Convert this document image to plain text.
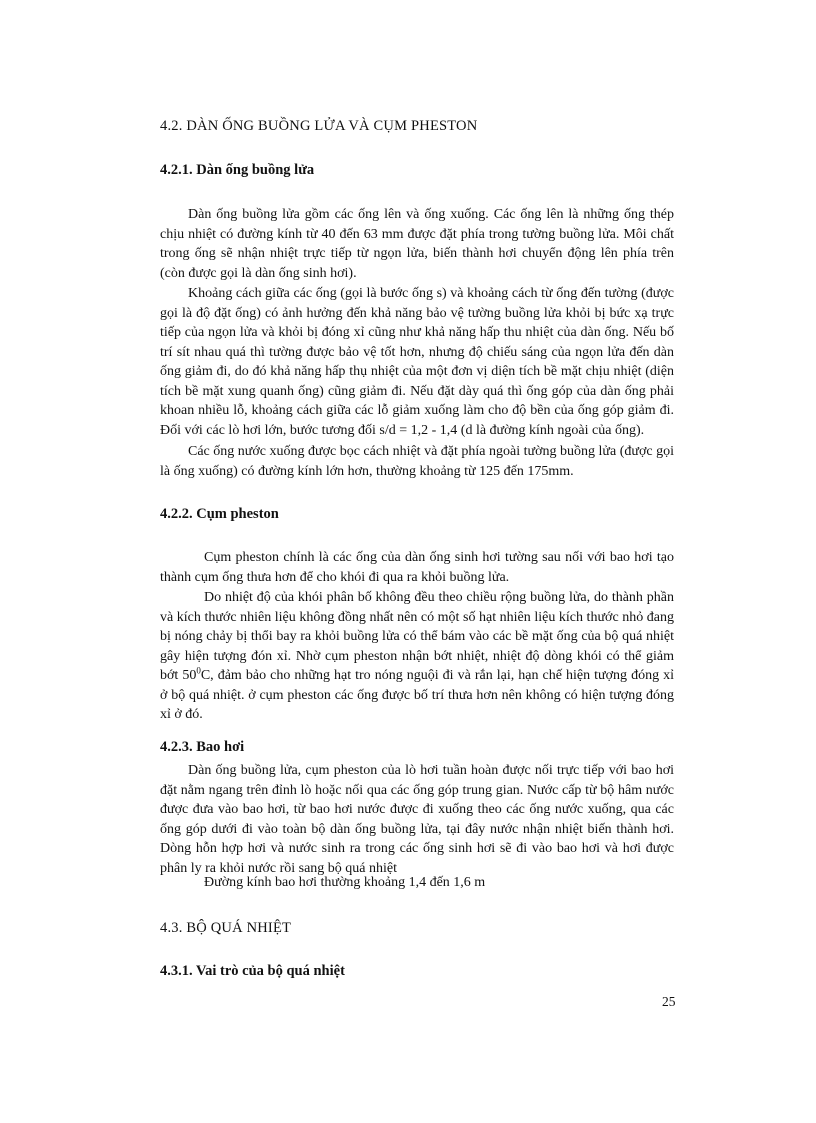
4.2. DÀN ỐNG BUỒNG LỬA VÀ CỤM PHESTON
4.2.1. Dàn ống buồng lửa

Dàn ống buồng lửa gồm các ống lên và ống xuống. Các ống lên là những ống thép chịu nhiệt có đường kính từ 40 đến 63 mm được đặt phía trong tường buồng lửa. Môi chất trong ống sẽ nhận nhiệt trực tiếp từ ngọn lửa, biến thành hơi chuyển động lên phía trên (còn được gọi là dàn ống sinh hơi).

Khoảng cách giữa các ống (gọi là bước ống s) và khoảng cách từ ống đến tường (được gọi là độ đặt ống) có ảnh hưởng đến khả năng bảo vệ tường buồng lửa khỏi bị bức xạ trực tiếp của ngọn lửa và khỏi bị đóng xỉ cũng như khả năng hấp thu nhiệt của dàn ống. Nếu bố trí sít nhau quá thì tường được bảo vệ tốt hơn, nhưng độ chiếu sáng của ngọn lửa đến dàn ống giảm đi, do đó khả năng hấp thụ nhiệt của một đơn vị diện tích bề mặt chịu nhiệt (diện tích bề mặt xung quanh ống) cũng giảm đi. Nếu đặt dày quá thì ống góp của dàn ống phải khoan nhiều lỗ, khoảng cách giữa các lỗ giảm xuống làm cho độ bền của ống góp giảm đi. Đối với các lò hơi lớn, bước tương đối s/d = 1,2 - 1,4 (d là đường kính ngoài của ống).

Các ống nước xuống được bọc cách nhiệt và đặt phía ngoài tường buồng lửa (được gọi là ống xuống) có đường kính lớn hơn, thường khoảng từ 125 đến 175mm.

4.2.2. Cụm pheston

Cụm pheston chính là các ống của dàn ống sinh hơi tường sau nối với bao hơi tạo thành cụm ống thưa hơn để cho khói đi qua ra khỏi buồng lửa.

Do nhiệt độ của khói phân bố không đều theo chiều rộng buồng lửa, do thành phần và kích thước nhiên liệu không đồng nhất nên có một số hạt nhiên liệu kích thước nhỏ đang bị nóng chảy bị thổi bay ra khỏi buồng lửa có thể bám vào các bề mặt ống của bộ quá nhiệt gây hiện tượng đón xỉ. Nhờ cụm pheston nhận bớt nhiệt, nhiệt độ dòng khói có thể giảm bớt $50^0C$, đảm bảo cho những hạt tro nóng nguội đi và rắn lại, hạn chế hiện tượng đóng xỉ ở bộ quá nhiệt. ở cụm pheston các ống được bố trí thưa hơn nên không có hiện tượng đóng xỉ ở đó.

4.2.3. Bao hơi

Dàn ống buồng lửa, cụm pheston của lò hơi tuần hoàn được nối trực tiếp với bao hơi đặt nằm ngang trên đỉnh lò hoặc nối qua các ống góp trung gian. Nước cấp từ bộ hâm nước được đưa vào bao hơi, từ bao hơi nước được đi xuống theo các ống nước xuống, qua các ống góp dưới đi vào toàn bộ dàn ống buồng lửa, tại đây nước nhận nhiệt biến thành hơi. Dòng hỗn hợp hơi và nước sinh ra trong các ống sinh hơi sẽ đi vào bao hơi và hơi được phân ly ra khỏi nước rồi sang bộ quá nhiệt

Đường kính bao hơi thường khoảng 1,4 đến 1,6 m

4.3. BỘ QUÁ NHIỆT
4.3.1. Vai trò của bộ quá nhiệt
25
